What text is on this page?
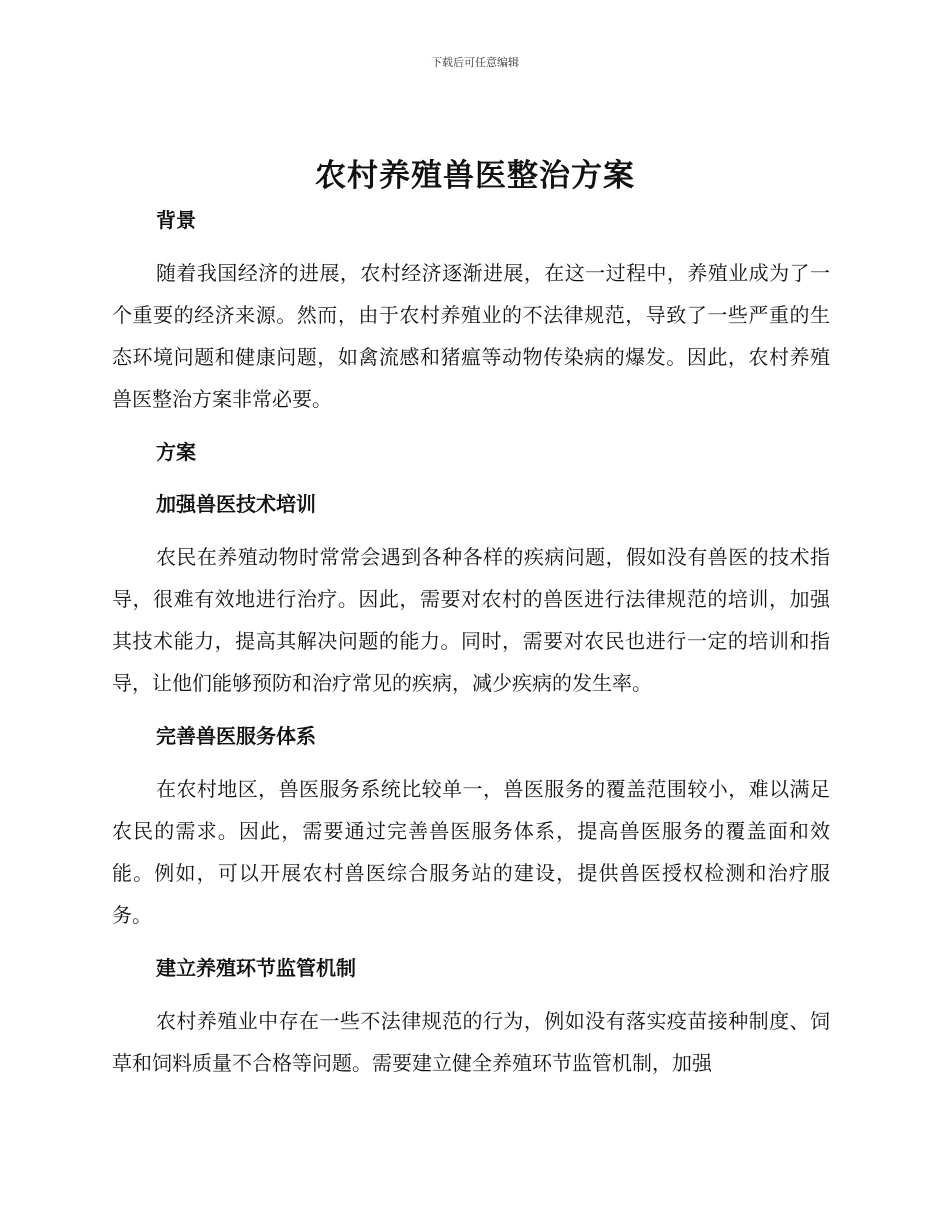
下载后可任意编辑
农村养殖兽医整治方案

背景

随着我国经济的进展，农村经济逐渐进展，在这一过程中，养殖业成为了一个重要的经济来源。然而，由于农村养殖业的不法律规范，导致了一些严重的生态环境问题和健康问题，如禽流感和猪瘟等动物传染病的爆发。因此，农村养殖兽医整治方案非常必要。

方案

加强兽医技术培训

农民在养殖动物时常常会遇到各种各样的疾病问题，假如没有兽医的技术指导，很难有效地进行治疗。因此，需要对农村的兽医进行法律规范的培训，加强其技术能力，提高其解决问题的能力。同时，需要对农民也进行一定的培训和指导，让他们能够预防和治疗常见的疾病，减少疾病的发生率。

完善兽医服务体系

在农村地区，兽医服务系统比较单一，兽医服务的覆盖范围较小，难以满足农民的需求。因此，需要通过完善兽医服务体系，提高兽医服务的覆盖面和效能。例如，可以开展农村兽医综合服务站的建设，提供兽医授权检测和治疗服务。

建立养殖环节监管机制

农村养殖业中存在一些不法律规范的行为，例如没有落实疫苗接种制度、饲草和饲料质量不合格等问题。需要建立健全养殖环节监管机制，加强
